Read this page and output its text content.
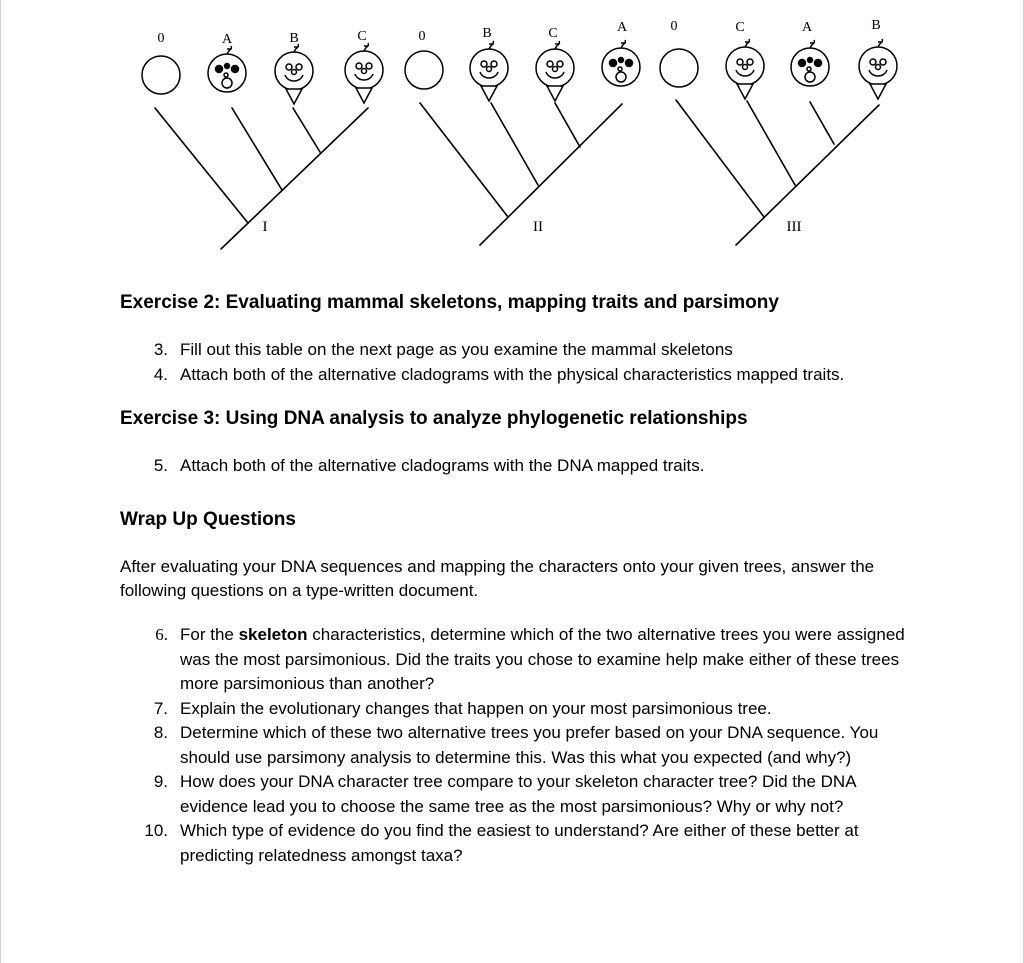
I	II	III
0	A	B	C	0	B	C	A	0	C	A	B
Exercise 2: Evaluating mammal skeletons, mapping traits and parsimony
3. Fill out this table on the next page as you examine the mammal skeletons
4. Attach both of the alternative cladograms with the physical characteristics mapped traits.
Exercise 3: Using DNA analysis to analyze phylogenetic relationships
5. Attach both of the alternative cladograms with the DNA mapped traits.
Wrap Up Questions

After evaluating your DNA sequences and mapping the characters onto your given trees, answer the following questions on a type-written document.

6. For the skeleton characteristics, determine which of the two alternative trees you were assigned was the most parsimonious. Did the traits you chose to examine help make either of these trees more parsimonious than another?
7. Explain the evolutionary changes that happen on your most parsimonious tree.
8. Determine which of these two alternative trees you prefer based on your DNA sequence. You should use parsimony analysis to determine this. Was this what you expected (and why?)
9. How does your DNA character tree compare to your skeleton character tree? Did the DNA evidence lead you to choose the same tree as the most parsimonious? Why or why not?
10. Which type of evidence do you find the easiest to understand? Are either of these better at predicting relatedness amongst taxa?
